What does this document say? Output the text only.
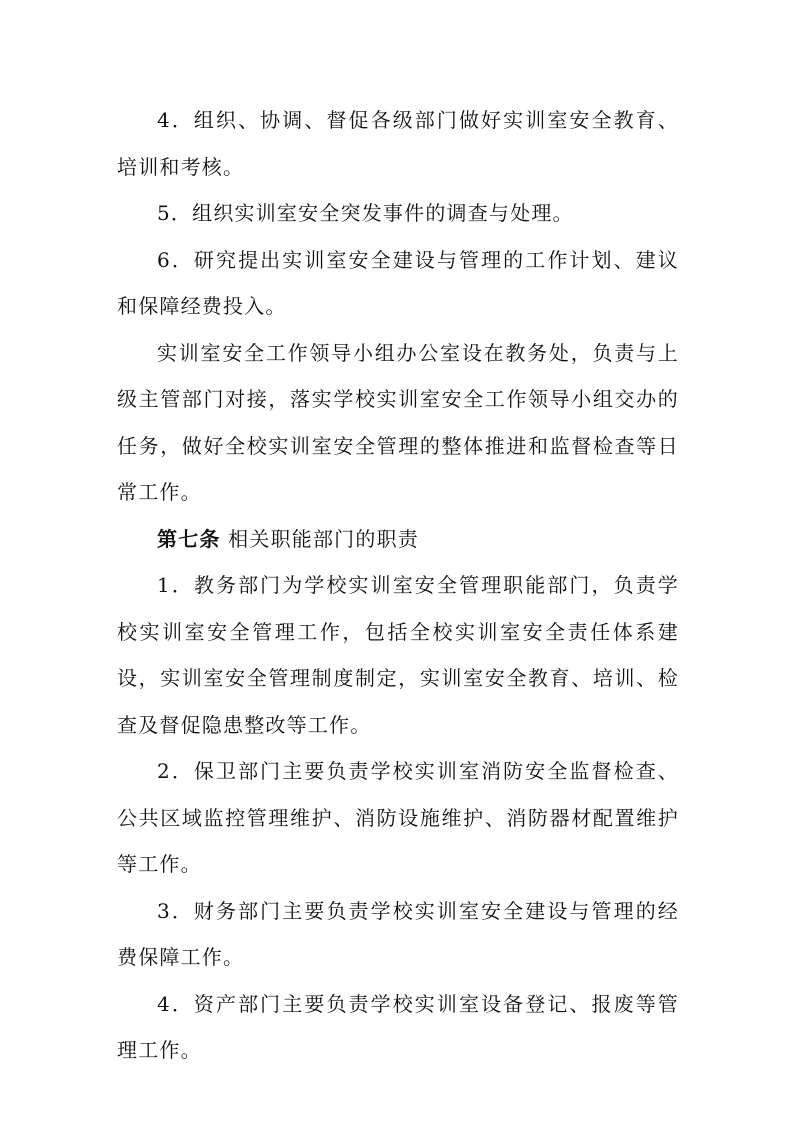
4．组织、协调、督促各级部门做好实训室安全教育、培训和考核。

5．组织实训室安全突发事件的调查与处理。

6．研究提出实训室安全建设与管理的工作计划、建议和保障经费投入。

实训室安全工作领导小组办公室设在教务处，负责与上级主管部门对接，落实学校实训室安全工作领导小组交办的任务，做好全校实训室安全管理的整体推进和监督检查等日常工作。

第七条 相关职能部门的职责

1．教务部门为学校实训室安全管理职能部门，负责学校实训室安全管理工作，包括全校实训室安全责任体系建设，实训室安全管理制度制定，实训室安全教育、培训、检查及督促隐患整改等工作。

2．保卫部门主要负责学校实训室消防安全监督检查、公共区域监控管理维护、消防设施维护、消防器材配置维护等工作。

3．财务部门主要负责学校实训室安全建设与管理的经费保障工作。

4．资产部门主要负责学校实训室设备登记、报废等管理工作。
